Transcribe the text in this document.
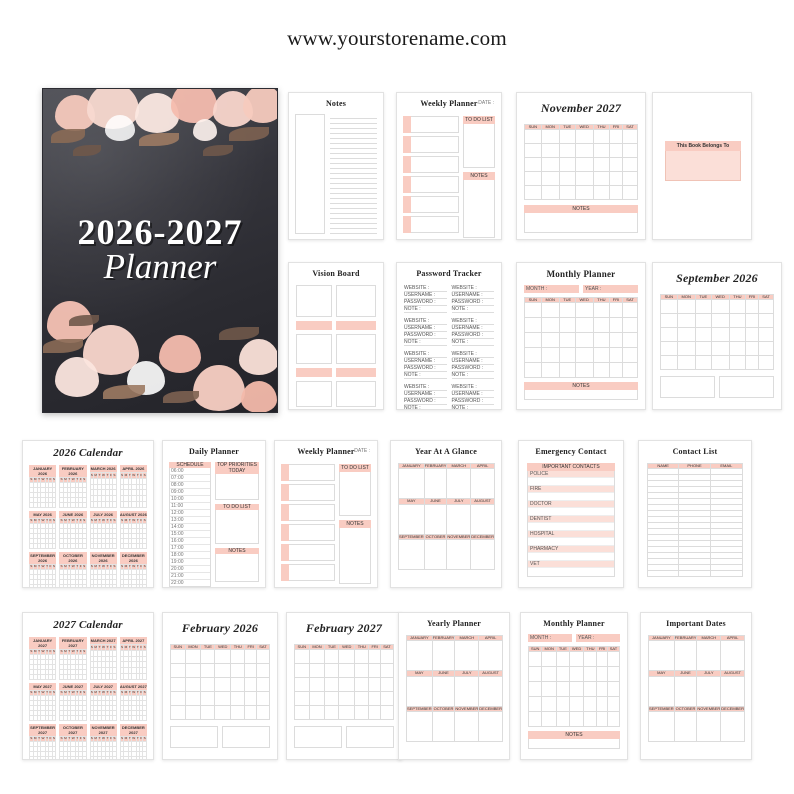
www.yourstorename.com
2026-2027
Planner
Notes	Weekly Planner DATE :
TO DO LIST
NOTES
November 2027
SUN	MON	TUE	WED	THU	FRI	SAT

NOTES
This Book Belongs To
Vision Board	Password Tracker
WEBSITE :
USERNAME :
PASSWORD :
NOTE :
WEBSITE :
USERNAME :
PASSWORD :
NOTE :
WEBSITE :
USERNAME :
PASSWORD :
NOTE :
WEBSITE :
USERNAME :
PASSWORD :
NOTE :
WEBSITE :
USERNAME :
PASSWORD :
NOTE :
WEBSITE :
USERNAME :
PASSWORD :
NOTE :
WEBSITE :
USERNAME :
PASSWORD :
NOTE :
WEBSITE :
USERNAME :
PASSWORD :
NOTE :
Monthly Planner
MONTH :	YEAR :
SUN	MON	TUE	WED	THU	FRI	SAT

NOTES
September 2026
SUN	MON	TUE	WED	THU	FRI	SAT

2026 Calendar
JANUARY 2026
S	M	T	W	T	F	S

FEBRUARY 2026
S	M	T	W	T	F	S

MARCH 2026
S	M	T	W	T	F	S

APRIL 2026
S	M	T	W	T	F	S

MAY 2026
S	M	T	W	T	F	S

JUNE 2026
S	M	T	W	T	F	S

JULY 2026
S	M	T	W	T	F	S

AUGUST 2026
S	M	T	W	T	F	S

SEPTEMBER 2026
S	M	T	W	T	F	S

OCTOBER 2026
S	M	T	W	T	F	S

NOVEMBER 2026
S	M	T	W	T	F	S

DECEMBER 2026
S	M	T	W	T	F	S

Daily Planner
SCHEDULE
06:00
07:00
08:00
09:00
10:00
11:00
12:00
13:00
14:00
15:00
16:00
17:00
18:00
19:00
20:00
21:00
22:00
TOP PRIORITIES TODAY
TO DO LIST
NOTES
Weekly Planner DATE :
TO DO LIST
NOTES
Year At A Glance
JANUARY	FEBRUARY	MARCH	APRIL

MAY	JUNE	JULY	AUGUST

SEPTEMBER	OCTOBER	NOVEMBER	DECEMBER

Emergency Contact
IMPORTANT CONTACTS
POLICE
FIRE
DOCTOR
DENTIST
HOSPITAL
PHARMACY
VET
Contact List
NAME	PHONE	EMAIL

2027 Calendar
JANUARY 2027
S	M	T	W	T	F	S

FEBRUARY 2027
S	M	T	W	T	F	S

MARCH 2027
S	M	T	W	T	F	S

APRIL 2027
S	M	T	W	T	F	S

MAY 2027
S	M	T	W	T	F	S

JUNE 2027
S	M	T	W	T	F	S

JULY 2027
S	M	T	W	T	F	S

AUGUST 2027
S	M	T	W	T	F	S

SEPTEMBER 2027
S	M	T	W	T	F	S

OCTOBER 2027
S	M	T	W	T	F	S

NOVEMBER 2027
S	M	T	W	T	F	S

DECEMBER 2027
S	M	T	W	T	F	S

February 2026
SUN	MON	TUE	WED	THU	FRI	SAT

February 2027
SUN	MON	TUE	WED	THU	FRI	SAT

Yearly Planner
JANUARY	FEBRUARY	MARCH	APRIL

MAY	JUNE	JULY	AUGUST

SEPTEMBER	OCTOBER	NOVEMBER	DECEMBER

Monthly Planner
MONTH :	YEAR :
SUN	MON	TUE	WED	THU	FRI	SAT

NOTES
Important Dates
JANUARY	FEBRUARY	MARCH	APRIL

MAY	JUNE	JULY	AUGUST

SEPTEMBER	OCTOBER	NOVEMBER	DECEMBER
